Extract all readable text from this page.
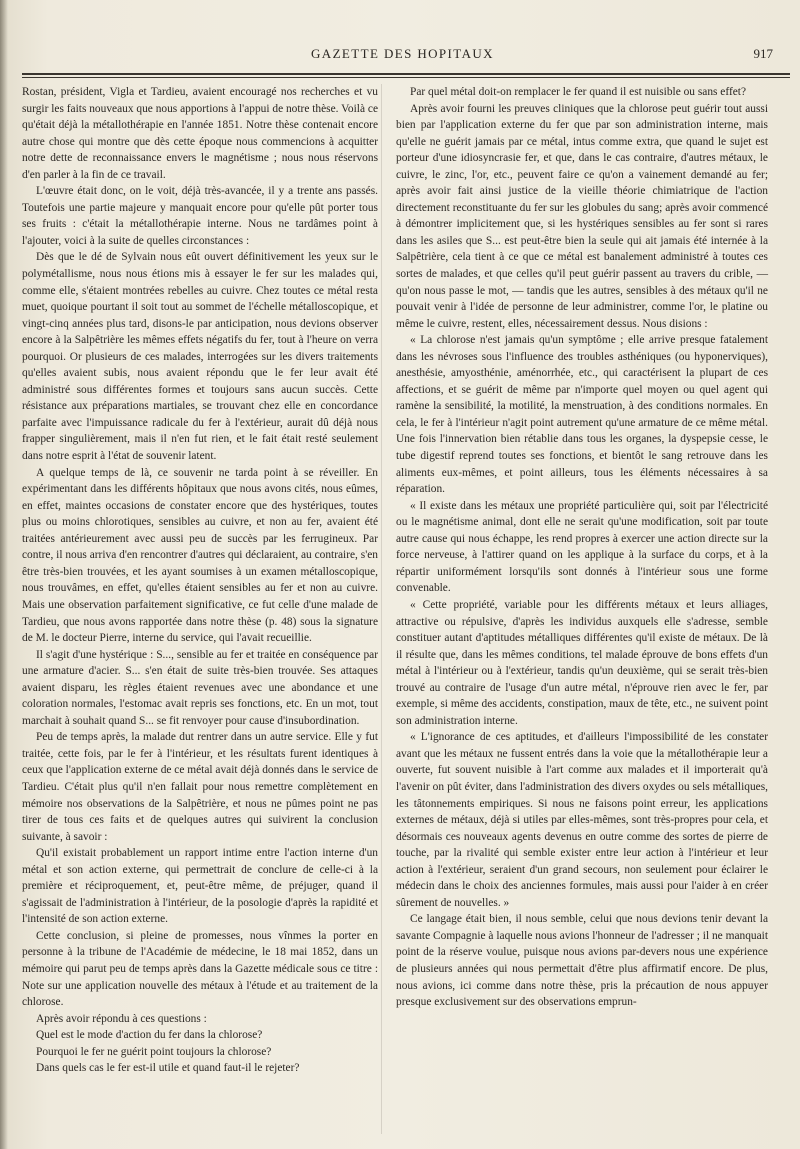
GAZETTE DES HOPITAUX	917

Rostan, président, Vigla et Tardieu, avaient encouragé nos recherches et vu surgir les faits nouveaux que nous apportions à l'appui de notre thèse. Voilà ce qu'était déjà la métallothérapie en l'année 1851. Notre thèse contenait encore autre chose qui montre que dès cette époque nous commencions à acquitter notre dette de reconnaissance envers le magnétisme ; nous nous réservons d'en parler à la fin de ce travail.

L'œuvre était donc, on le voit, déjà très-avancée, il y a trente ans passés. Toutefois une partie majeure y manquait encore pour qu'elle pût porter tous ses fruits : c'était la métallothérapie interne. Nous ne tardâmes point à l'ajouter, voici à la suite de quelles circonstances :

Dès que le dé de Sylvain nous eût ouvert définitivement les yeux sur le polymétallisme, nous nous étions mis à essayer le fer sur les malades qui, comme elle, s'étaient montrées rebelles au cuivre. Chez toutes ce métal resta muet, quoique pourtant il soit tout au sommet de l'échelle métalloscopique, et vingt-cinq années plus tard, disons-le par anticipation, nous devions observer encore à la Salpêtrière les mêmes effets négatifs du fer, tout à l'heure on verra pourquoi. Or plusieurs de ces malades, interrogées sur les divers traitements qu'elles avaient subis, nous avaient répondu que le fer leur avait été administré sous différentes formes et toujours sans aucun succès. Cette résistance aux préparations martiales, se trouvant chez elle en concordance parfaite avec l'impuissance radicale du fer à l'extérieur, aurait dû déjà nous frapper singulièrement, mais il n'en fut rien, et le fait était resté seulement dans notre esprit à l'état de souvenir latent.

A quelque temps de là, ce souvenir ne tarda point à se réveiller. En expérimentant dans les différents hôpitaux que nous avons cités, nous eûmes, en effet, maintes occasions de constater encore que des hystériques, toutes plus ou moins chlorotiques, sensibles au cuivre, et non au fer, avaient été traitées antérieurement avec aussi peu de succès par les ferrugineux. Par contre, il nous arriva d'en rencontrer d'autres qui déclaraient, au contraire, s'en être très-bien trouvées, et les ayant soumises à un examen métalloscopique, nous trouvâmes, en effet, qu'elles étaient sensibles au fer et non au cuivre. Mais une observation parfaitement significative, ce fut celle d'une malade de Tardieu, que nous avons rapportée dans notre thèse (p. 48) sous la signature de M. le docteur Pierre, interne du service, qui l'avait recueillie.

Il s'agit d'une hystérique : S..., sensible au fer et traitée en conséquence par une armature d'acier. S... s'en était de suite très-bien trouvée. Ses attaques avaient disparu, les règles étaient revenues avec une abondance et une coloration normales, l'estomac avait repris ses fonctions, etc. En un mot, tout marchait à souhait quand S... se fit renvoyer pour cause d'insubordination.

Peu de temps après, la malade dut rentrer dans un autre service. Elle y fut traitée, cette fois, par le fer à l'intérieur, et les résultats furent identiques à ceux que l'application externe de ce métal avait déjà donnés dans le service de Tardieu. C'était plus qu'il n'en fallait pour nous remettre complètement en mémoire nos observations de la Salpêtrière, et nous ne pûmes point ne pas tirer de tous ces faits et de quelques autres qui suivirent la conclusion suivante, à savoir :

Qu'il existait probablement un rapport intime entre l'action interne d'un métal et son action externe, qui permettrait de conclure de celle-ci à la première et réciproquement, et, peut-être même, de préjuger, quand il s'agissait de l'administration à l'intérieur, de la posologie d'après la rapidité et l'intensité de son action externe.

Cette conclusion, si pleine de promesses, nous vînmes la porter en personne à la tribune de l'Académie de médecine, le 18 mai 1852, dans un mémoire qui parut peu de temps après dans la Gazette médicale sous ce titre : Note sur une application nouvelle des métaux à l'étude et au traitement de la chlorose.

Après avoir répondu à ces questions :

Quel est le mode d'action du fer dans la chlorose?

Pourquoi le fer ne guérit point toujours la chlorose?

Dans quels cas le fer est-il utile et quand faut-il le rejeter?

Par quel métal doit-on remplacer le fer quand il est nuisible ou sans effet?

Après avoir fourni les preuves cliniques que la chlorose peut guérir tout aussi bien par l'application externe du fer que par son administration interne, mais qu'elle ne guérit jamais par ce métal, intus comme extra, que quand le sujet est porteur d'une idiosyncrasie fer, et que, dans le cas contraire, d'autres métaux, le cuivre, le zinc, l'or, etc., peuvent faire ce qu'on a vainement demandé au fer; après avoir fait ainsi justice de la vieille théorie chimiatrique de l'action directement reconstituante du fer sur les globules du sang; après avoir commencé à démontrer implicitement que, si les hystériques sensibles au fer sont si rares dans les asiles que S... est peut-être bien la seule qui ait jamais été internée à la Salpêtrière, cela tient à ce que ce métal est banalement administré à toutes ces sortes de malades, et que celles qu'il peut guérir passent au travers du crible, — qu'on nous passe le mot, — tandis que les autres, sensibles à des métaux qu'il ne pouvait venir à l'idée de personne de leur administrer, comme l'or, le platine ou même le cuivre, restent, elles, nécessairement dessus. Nous disions :

« La chlorose n'est jamais qu'un symptôme ; elle arrive presque fatalement dans les névroses sous l'influence des troubles asthéniques (ou hyponerviques), anesthésie, amyosthénie, aménorrhée, etc., qui caractérisent la plupart de ces affections, et se guérit de même par n'importe quel moyen ou quel agent qui ramène la sensibilité, la motilité, la menstruation, à des conditions normales. En cela, le fer à l'intérieur n'agit point autrement qu'une armature de ce même métal. Une fois l'innervation bien rétablie dans tous les organes, la dyspepsie cesse, le tube digestif reprend toutes ses fonctions, et bientôt le sang retrouve dans les aliments eux-mêmes, et point ailleurs, tous les éléments nécessaires à sa réparation.

« Il existe dans les métaux une propriété particulière qui, soit par l'électricité ou le magnétisme animal, dont elle ne serait qu'une modification, soit par toute autre cause qui nous échappe, les rend propres à exercer une action directe sur la force nerveuse, à l'attirer quand on les applique à la surface du corps, et à la répartir uniformément lorsqu'ils sont donnés à l'intérieur sous une forme convenable.

« Cette propriété, variable pour les différents métaux et leurs alliages, attractive ou répulsive, d'après les individus auxquels elle s'adresse, semble constituer autant d'aptitudes métalliques différentes qu'il existe de métaux. De là il résulte que, dans les mêmes conditions, tel malade éprouve de bons effets d'un métal à l'intérieur ou à l'extérieur, tandis qu'un deuxième, qui se serait très-bien trouvé au contraire de l'usage d'un autre métal, n'éprouve rien avec le fer, par exemple, si même des accidents, constipation, maux de tête, etc., ne suivent point son administration interne.

« L'ignorance de ces aptitudes, et d'ailleurs l'impossibilité de les constater avant que les métaux ne fussent entrés dans la voie que la métallothérapie leur a ouverte, fut souvent nuisible à l'art comme aux malades et il importerait qu'à l'avenir on pût éviter, dans l'administration des divers oxydes ou sels métalliques, les tâtonnements empiriques. Si nous ne faisons point erreur, les applications externes de métaux, déjà si utiles par elles-mêmes, sont très-propres pour cela, et désormais ces nouveaux agents devenus en outre comme des sortes de pierre de touche, par la rivalité qui semble exister entre leur action à l'intérieur et leur action à l'extérieur, seraient d'un grand secours, non seulement pour éclairer le médecin dans le choix des anciennes formules, mais aussi pour l'aider à en créer sûrement de nouvelles. »

Ce langage était bien, il nous semble, celui que nous devions tenir devant la savante Compagnie à laquelle nous avions l'honneur de l'adresser ; il ne manquait point de la réserve voulue, puisque nous avions par-devers nous une expérience de plusieurs années qui nous permettait d'être plus affirmatif encore. De plus, nous avions, ici comme dans notre thèse, pris la précaution de nous appuyer presque exclusivement sur des observations emprun-
